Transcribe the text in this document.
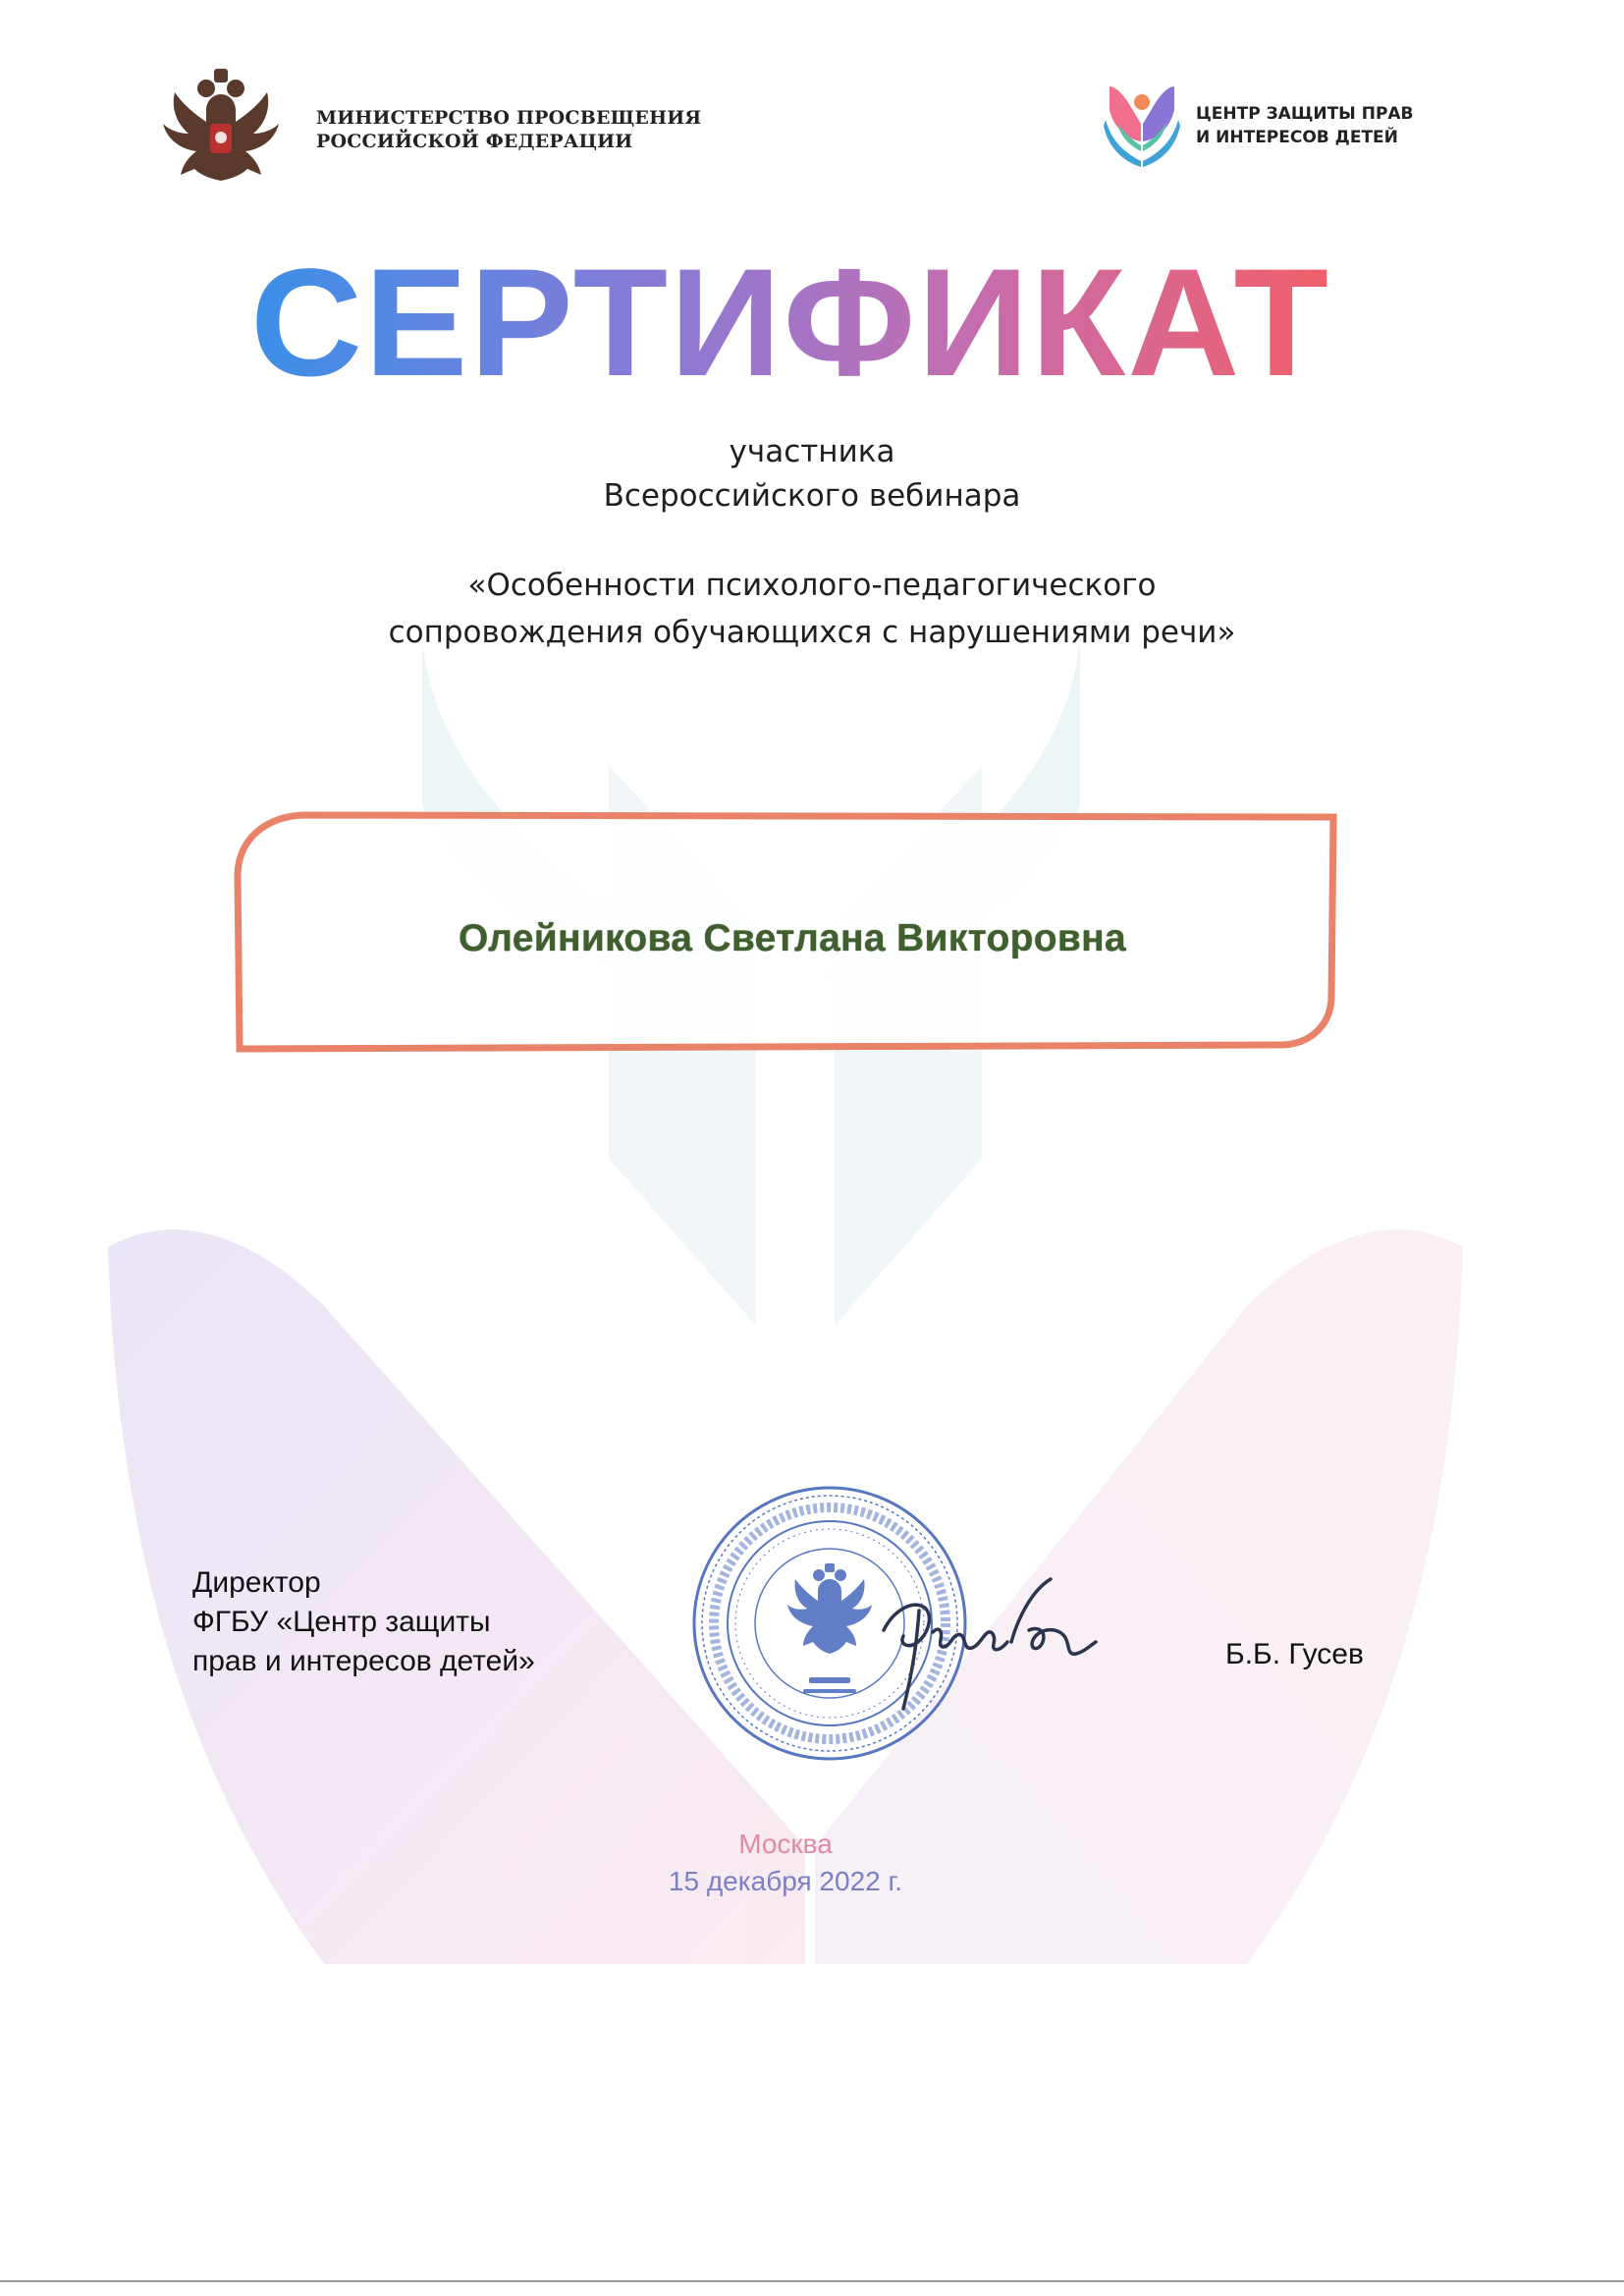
МИНИСТЕРСТВО ПРОСВЕЩЕНИЯ
РОССИЙСКОЙ ФЕДЕРАЦИИ
ЦЕНТР ЗАЩИТЫ ПРАВ
И ИНТЕРЕСОВ ДЕТЕЙ
СЕРТИФИКАТ
участника
Всероссийского вебинара
«Особенности психолого-педагогического
сопровождения обучающихся с нарушениями речи»
Олейникова Светлана Викторовна
Директор
ФГБУ «Центр защиты
прав и интересов детей»	Б.Б. Гусев
Москва
15 декабря 2022 г.
